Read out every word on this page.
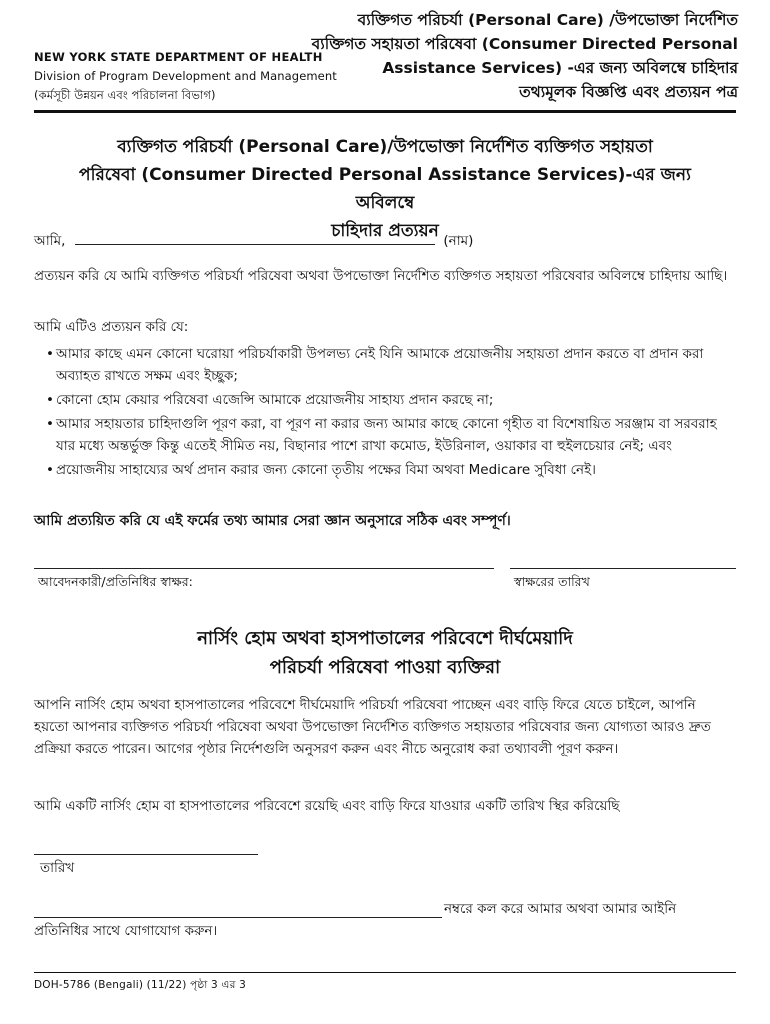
NEW YORK STATE DEPARTMENT OF HEALTH
Division of Program Development and Management
(কর্মসূচী উন্নয়ন এবং পরিচালনা বিভাগ)
ব্যক্তিগত পরিচর্যা (Personal Care) /উপভোক্তা নির্দেশিত
ব্যক্তিগত সহায়তা পরিষেবা (Consumer Directed Personal
Assistance Services) -এর জন্য অবিলম্বে চাহিদার
তথ্যমূলক বিজ্ঞপ্তি এবং প্রত্যয়ন পত্র
ব্যক্তিগত পরিচর্যা (Personal Care)/উপভোক্তা নির্দেশিত ব্যক্তিগত সহায়তা
পরিষেবা (Consumer Directed Personal Assistance Services)-এর জন্য অবিলম্বে
চাহিদার প্রত্যয়ন
আমি,	(নাম)
প্রত্যয়ন করি যে আমি ব্যক্তিগত পরিচর্যা পরিষেবা অথবা উপভোক্তা নির্দেশিত ব্যক্তিগত সহায়তা পরিষেবার অবিলম্বে চাহিদায় আছি।
আমি এটিও প্রত্যয়ন করি যে:
• আমার কাছে এমন কোনো ঘরোয়া পরিচর্যাকারী উপলভ্য নেই যিনি আমাকে প্রয়োজনীয় সহায়তা প্রদান করতে বা প্রদান করা অব্যাহত রাখতে সক্ষম এবং ইচ্ছুক;
• কোনো হোম কেয়ার পরিষেবা এজেন্সি আমাকে প্রয়োজনীয় সাহায্য প্রদান করছে না;
• আমার সহায়তার চাহিদাগুলি পূরণ করা, বা পূরণ না করার জন্য আমার কাছে কোনো গৃহীত বা বিশেষায়িত সরঞ্জাম বা সরবরাহ যার মধ্যে অন্তর্ভুক্ত কিন্তু এতেই সীমিত নয়, বিছানার পাশে রাখা কমোড, ইউরিনাল, ওয়াকার বা হুইলচেয়ার নেই; এবং
• প্রয়োজনীয় সাহায্যের অর্থ প্রদান করার জন্য কোনো তৃতীয় পক্ষের বিমা অথবা Medicare সুবিধা নেই।
আমি প্রত্যয়িত করি যে এই ফর্মের তথ্য আমার সেরা জ্ঞান অনুসারে সঠিক এবং সম্পূর্ণ।
আবেদনকারী/প্রতিনিধির স্বাক্ষর:	স্বাক্ষরের তারিখ
নার্সিং হোম অথবা হাসপাতালের পরিবেশে দীর্ঘমেয়াদি
পরিচর্যা পরিষেবা পাওয়া ব্যক্তিরা
আপনি নার্সিং হোম অথবা হাসপাতালের পরিবেশে দীর্ঘমেয়াদি পরিচর্যা পরিষেবা পাচ্ছেন এবং বাড়ি ফিরে যেতে চাইলে, আপনি হয়তো আপনার ব্যক্তিগত পরিচর্যা পরিষেবা অথবা উপভোক্তা নির্দেশিত ব্যক্তিগত সহায়তার পরিষেবার জন্য যোগ্যতা আরও দ্রুত প্রক্রিয়া করতে পারেন। আগের পৃষ্ঠার নির্দেশগুলি অনুসরণ করুন এবং নীচে অনুরোধ করা তথ্যাবলী পূরণ করুন।
আমি একটি নার্সিং হোম বা হাসপাতালের পরিবেশে রয়েছি এবং বাড়ি ফিরে যাওয়ার একটি তারিখ স্থির করিয়েছি
তারিখ
নম্বরে কল করে আমার অথবা আমার আইনি
প্রতিনিধির সাথে যোগাযোগ করুন।
DOH-5786 (Bengali) (11/22) পৃষ্ঠা 3 এর 3
